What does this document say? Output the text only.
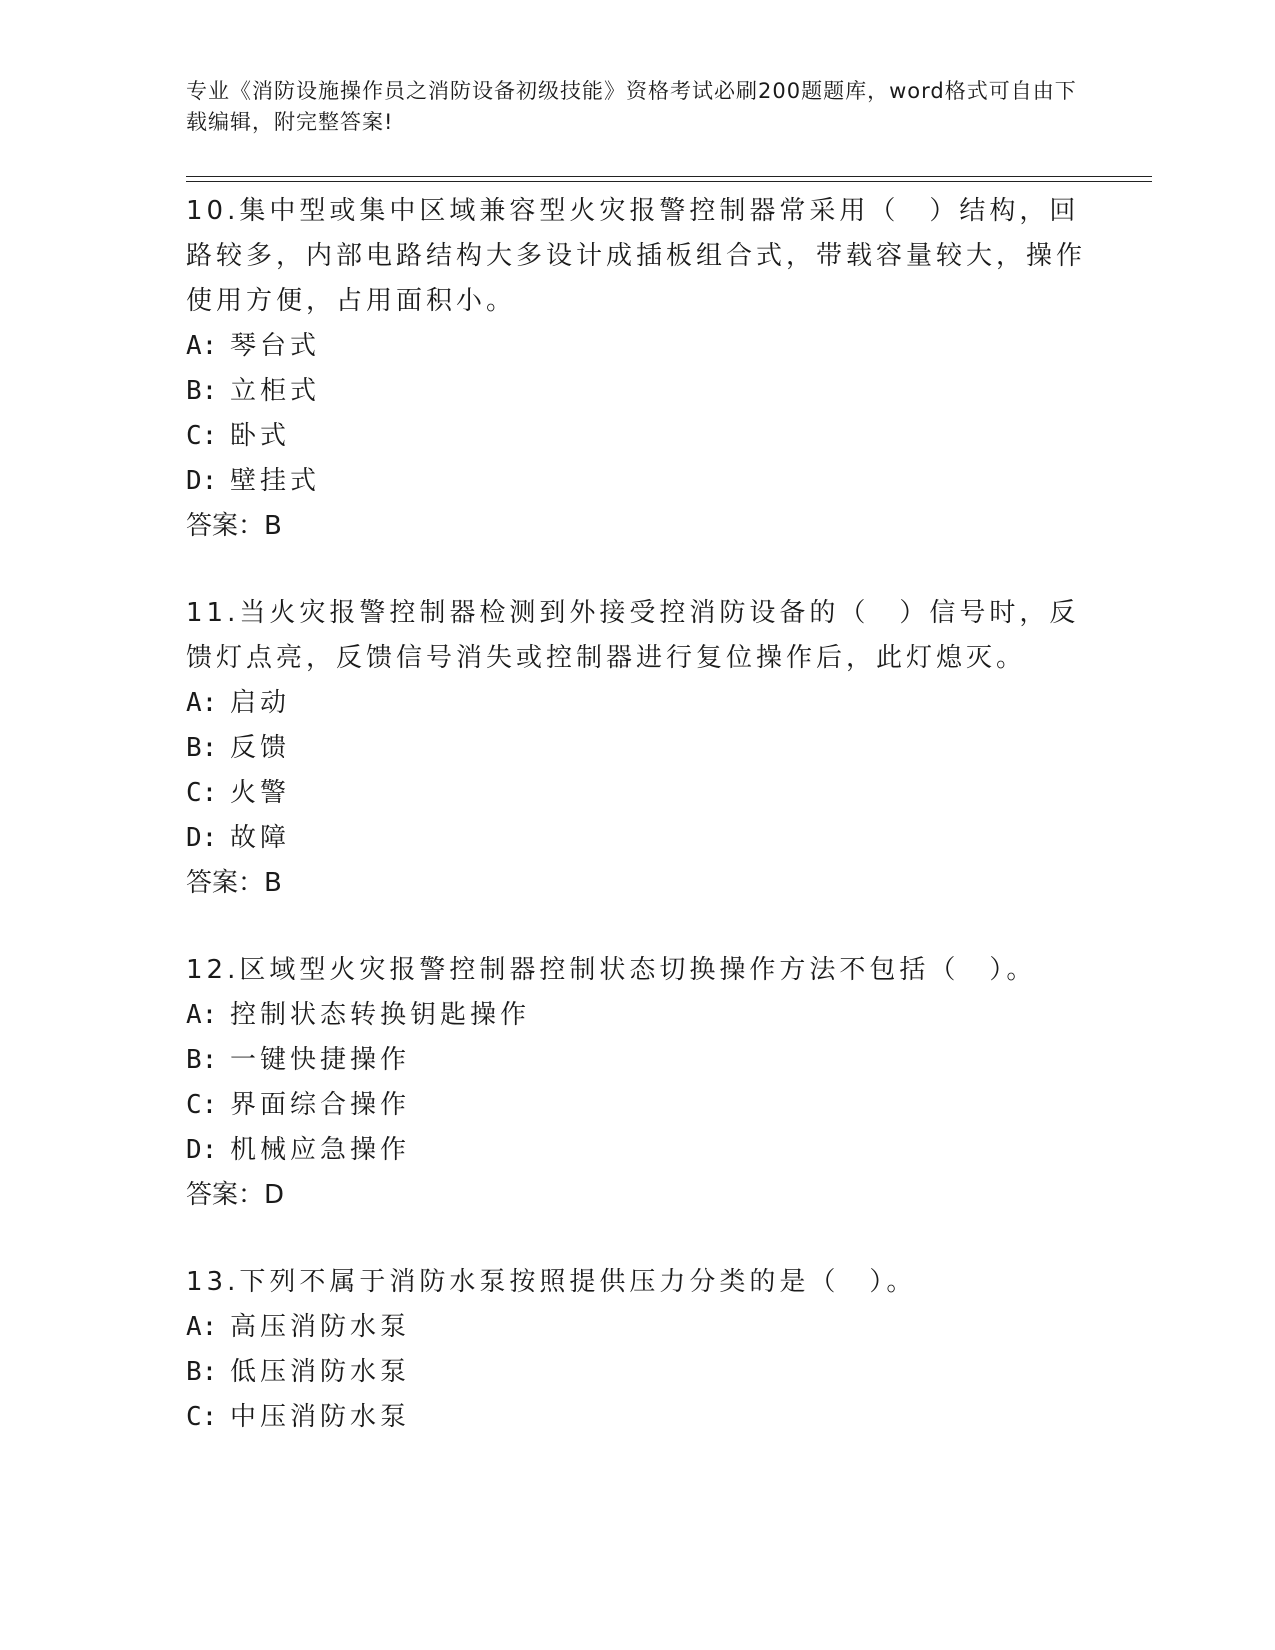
专业《消防设施操作员之消防设备初级技能》资格考试必刷200题题库，word格式可自由下载编辑，附完整答案!

10.集中型或集中区域兼容型火灾报警控制器常采用（　）结构，回路较多，内部电路结构大多设计成插板组合式，带载容量较大，操作使用方便，占用面积小。

A: 琴台式

B: 立柜式

C: 卧式

D: 壁挂式

答案：B

11.当火灾报警控制器检测到外接受控消防设备的（　）信号时，反馈灯点亮，反馈信号消失或控制器进行复位操作后，此灯熄灭。

A: 启动

B: 反馈

C: 火警

D: 故障

答案：B

12.区域型火灾报警控制器控制状态切换操作方法不包括（　）。

A: 控制状态转换钥匙操作

B: 一键快捷操作

C: 界面综合操作

D: 机械应急操作

答案：D

13.下列不属于消防水泵按照提供压力分类的是（　）。

A: 高压消防水泵

B: 低压消防水泵

C: 中压消防水泵
